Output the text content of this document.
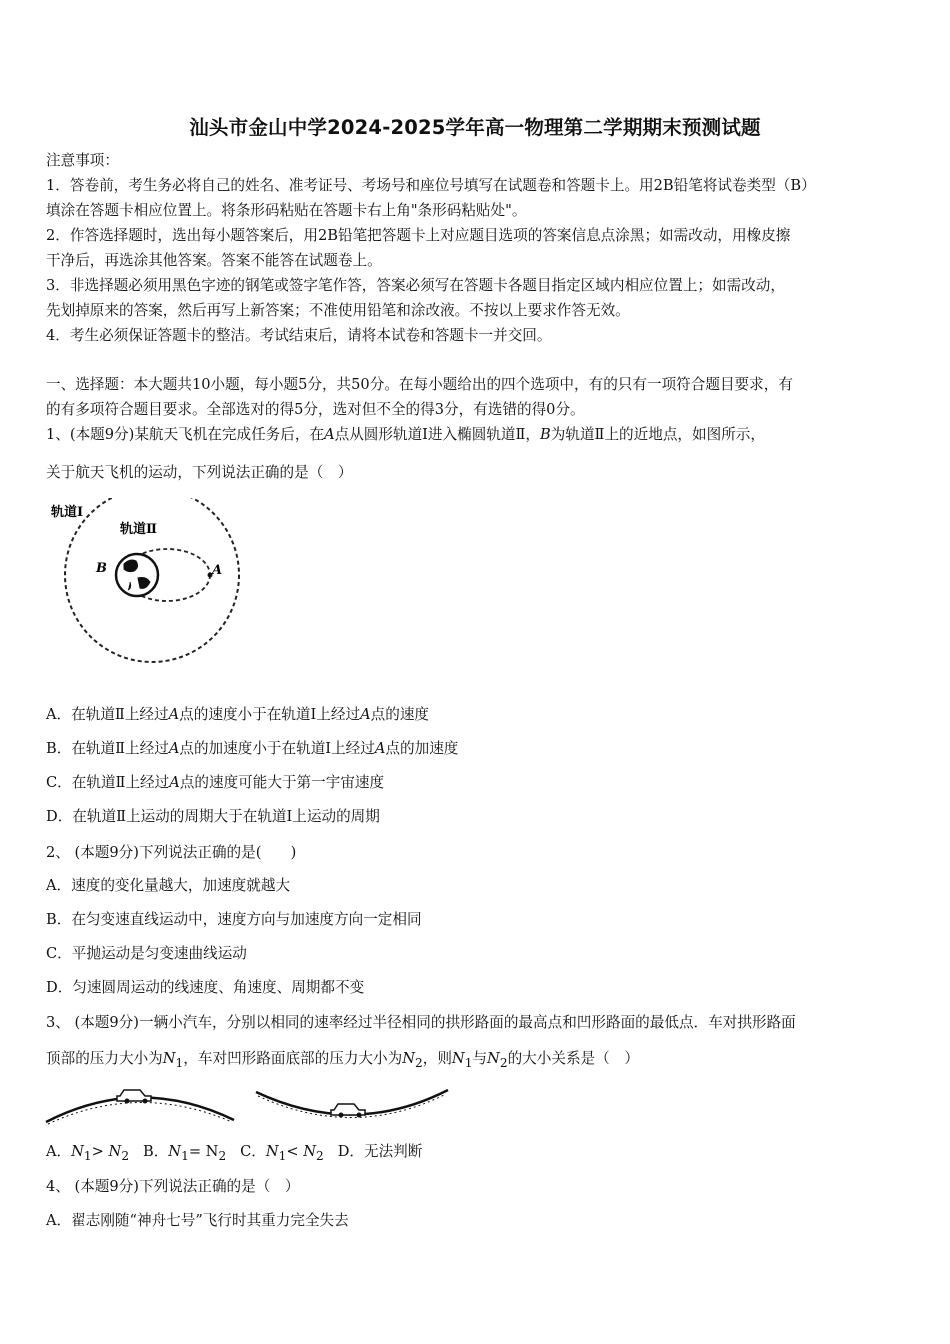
汕头市金山中学2024-2025学年高一物理第二学期期末预测试题
注意事项：
1．答卷前，考生务必将自己的姓名、准考证号、考场号和座位号填写在试题卷和答题卡上。用2B铅笔将试卷类型（B）
填涂在答题卡相应位置上。将条形码粘贴在答题卡右上角"条形码粘贴处"。
2．作答选择题时，选出每小题答案后，用2B铅笔把答题卡上对应题目选项的答案信息点涂黑；如需改动，用橡皮擦
干净后，再选涂其他答案。答案不能答在试题卷上。
3．非选择题必须用黑色字迹的钢笔或签字笔作答，答案必须写在答题卡各题目指定区域内相应位置上；如需改动，
先划掉原来的答案，然后再写上新答案；不准使用铅笔和涂改液。不按以上要求作答无效。
4．考生必须保证答题卡的整洁。考试结束后，请将本试卷和答题卡一并交回。
一、选择题：本大题共10小题，每小题5分，共50分。在每小题给出的四个选项中，有的只有一项符合题目要求，有
的有多项符合题目要求。全部选对的得5分，选对但不全的得3分，有选错的得0分。
1、(本题9分)某航天飞机在完成任务后，在A点从圆形轨道Ⅰ进入椭圆轨道Ⅱ，B为轨道Ⅱ上的近地点，如图所示，
关于航天飞机的运动，下列说法正确的是（　）
轨道Ⅰ
轨道Ⅱ
B	A
A．在轨道Ⅱ上经过A点的速度小于在轨道Ⅰ上经过A点的速度
B．在轨道Ⅱ上经过A点的加速度小于在轨道Ⅰ上经过A点的加速度
C．在轨道Ⅱ上经过A点的速度可能大于第一宇宙速度
D．在轨道Ⅱ上运动的周期大于在轨道Ⅰ上运动的周期
2、 (本题9分)下列说法正确的是(　　)
A．速度的变化量越大，加速度就越大
B．在匀变速直线运动中，速度方向与加速度方向一定相同
C．平抛运动是匀变速曲线运动
D．匀速圆周运动的线速度、角速度、周期都不变
3、 (本题9分)一辆小汽车，分别以相同的速率经过半径相同的拱形路面的最高点和凹形路面的最低点．车对拱形路面
顶部的压力大小为$N_1$，车对凹形路面底部的压力大小为$N_2$，则$N_1$与$N_2$的大小关系是（　）
A．$N_1> N_2$ B．$N_1= N_2$ C．$N_1< N_2$ D．无法判断
4、 (本题9分)下列说法正确的是（　）
A．翟志刚随“神舟七号”飞行时其重力完全失去
